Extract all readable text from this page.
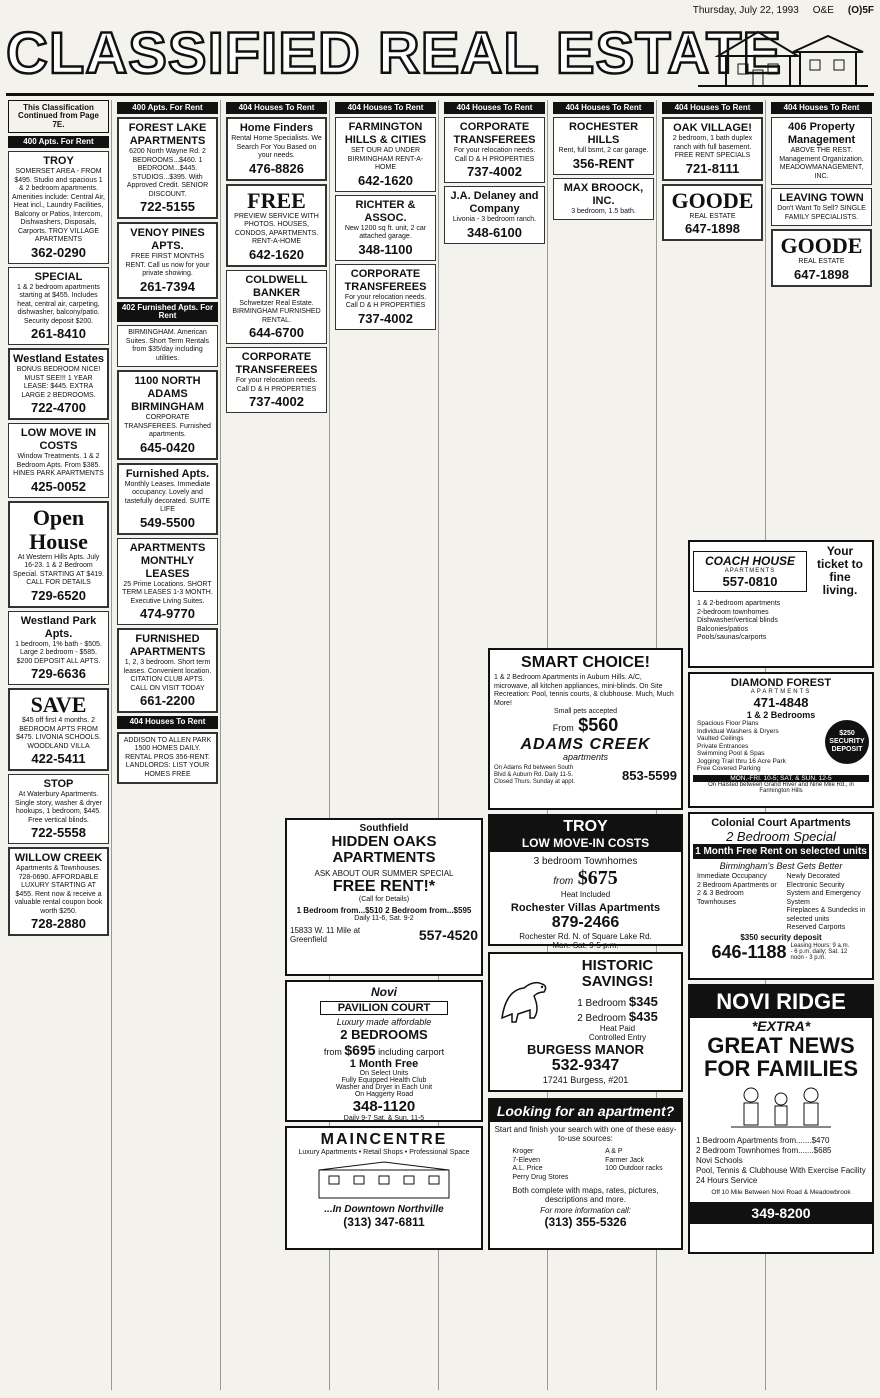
Thursday, July 22, 1993 O&E (O)5F
CLASSIFIED REAL ESTATE
This Classification Continued from Page 7E.
400 Apts. For Rent
TROY
SOMERSET AREA - FROM $495. Studio and spacious 1 & 2 bedroom apartments. Amenities include: Central Air, Heat incl., Laundry Facilities, Balcony or Patios, Intercom, Dishwashers, Disposals, Carports. TROY VILLAGE APARTMENTS
362-0290
SPECIAL
1 & 2 bedroom apartments starting at $455. Includes heat, central air, carpeting, dishwasher, balcony/patio. Security deposit $200.
261-8410
Westland Estates
BONUS BEDROOM NICE! MUST SEE!!! 1 YEAR LEASE: $445. EXTRA LARGE 2 BEDROOMS.
722-4700
LOW MOVE IN COSTS
Window Treatments. 1 & 2 Bedroom Apts. From $385. HINES PARK APARTMENTS
425-0052
Open House
At Western Hills Apts. July 16-23. 1 & 2 Bedroom Special. STARTING AT $419. CALL FOR DETAILS
729-6520
Westland Park Apts.
1 bedroom, 1% bath - $505. Large 2 bedroom - $585. $200 DEPOSIT ALL APTS.
729-6636
SAVE
$45 off first 4 months. 2 BEDROOM APTS FROM $475. LIVONIA SCHOOLS. WOODLAND VILLA
422-5411
STOP
At Waterbury Apartments. Single story, washer & dryer hookups, 1 bedroom, $445. Free vertical blinds.
722-5558
WILLOW CREEK
Apartments & Townhouses. 728-0690. AFFORDABLE LUXURY STARTING AT $455. Rent now & receive a valuable rental coupon book worth $250.
728-2880
400 Apts. For Rent
FOREST LAKE APARTMENTS
6200 North Wayne Rd. 2 BEDROOMS...$460. 1 BEDROOM...$445. STUDIOS...$395. With Approved Credit. SENIOR DISCOUNT.
722-5155
VENOY PINES APTS.
FREE FIRST MONTHS RENT. Call us now for your private showing.
261-7394
402 Furnished Apts. For Rent
BIRMINGHAM. American Suites. Short Term Rentals from $35/day including utilities.
1100 NORTH ADAMS BIRMINGHAM
CORPORATE TRANSFEREES. Furnished apartments.
645-0420
Furnished Apts.
Monthly Leases. Immediate occupancy. Lovely and tastefully decorated. SUITE LIFE
549-5500
APARTMENTS MONTHLY LEASES
25 Prime Locations. SHORT TERM LEASES 1-3 MONTH. Executive Living Suites.
474-9770
FURNISHED APARTMENTS
1, 2, 3 bedroom. Short term leases. Convenient location. CITATION CLUB APTS. CALL ON VISIT TODAY
661-2200
404 Houses To Rent
ADDISON TO ALLEN PARK 1500 HOMES DAILY. RENTAL PROS 356-RENT. LANDLORDS: LIST YOUR HOMES FREE
404 Houses To Rent
Home Finders
Rental Home Specialists. We Search For You Based on your needs.
476-8826
FREE
PREVIEW SERVICE WITH PHOTOS. HOUSES, CONDOS, APARTMENTS. RENT-A-HOME
642-1620
COLDWELL BANKER
Schweitzer Real Estate. BIRMINGHAM FURNISHED RENTAL.
644-6700
CORPORATE TRANSFEREES
For your relocation needs. Call D & H PROPERTIES
737-4002
404 Houses To Rent
FARMINGTON HILLS & CITIES
SET OUR AD UNDER BIRMINGHAM RENT-A-HOME
642-1620
RICHTER & ASSOC.
New 1200 sq ft. unit, 2 car attached garage.
348-1100
CORPORATE TRANSFEREES
For your relocation needs. Call D & H PROPERTIES
737-4002
404 Houses To Rent
CORPORATE TRANSFEREES
For your relocation needs. Call D & H PROPERTIES
737-4002
J.A. Delaney and Company
Livonia - 3 bedroom ranch.
348-6100
404 Houses To Rent
ROCHESTER HILLS
Rent, full bsmt, 2 car garage.
356-RENT
MAX BROOCK, INC.
3 bedroom, 1.5 bath.
404 Houses To Rent
OAK VILLAGE!
2 bedroom, 1 bath duplex ranch with full basement. FREE RENT SPECIALS
721-8111
GOODE
REAL ESTATE
647-1898
404 Houses To Rent
406 Property Management
ABOVE THE REST. Management Organization. MEADOWMANAGEMENT, INC.
LEAVING TOWN
Don't Want To Sell? SINGLE FAMILY SPECIALISTS.
GOODE
REAL ESTATE
647-1898
SMART CHOICE!
1 & 2 Bedroom Apartments in Auburn Hills. A/C, microwave, all kitchen appliances, mini-blinds. On Site Recreation: Pool, tennis courts, & clubhouse. Much, Much More!
Small pets accepted
From $560
ADAMS CREEK
apartments
On Adams Rd between South Blvd & Auburn Rd. Daily 11-5. Closed Thurs. Sunday at appt.	853-5599
TROY
LOW MOVE-IN COSTS
3 bedroom Townhomes
from $675
Heat Included
Rochester Villas Apartments
879-2466
Rochester Rd. N. of Square Lake Rd.
Mon.-Sat. 9-5 p.m.
HISTORIC SAVINGS!
1 Bedroom $345
2 Bedroom $435
Heat Paid
Controlled Entry
BURGESS MANOR
532-9347
17241 Burgess, #201
Looking for an apartment?
Start and finish your search with one of these easy-to-use sources:
Kroger
7-Eleven
A.L. Price
Perry Drug Stores
A & P
Farmer Jack
100 Outdoor racks
Both complete with maps, rates, pictures, descriptions and more.
For more information call:
(313) 355-5326
COACH HOUSE
APARTMENTS
557-0810
Your ticket to fine living.
1 & 2-bedroom apartments
2-bedroom townhomes
Dishwasher/vertical blinds
Balconies/patios
Pools/saunas/carports
DIAMOND FOREST
APARTMENTS
471-4848
1 & 2 Bedrooms
Spacious Floor Plans
Individual Washers & Dryers
Vaulted Ceilings
Private Entrances
Swimming Pool & Spas
Jogging Trail thru 16 Acre Park
Free Covered Parking
$250 SECURITY DEPOSIT
MON.-FRI. 10-5; SAT. & SUN. 12-5
On Halsted between Grand River and Nine Mile Rd., in Farmington Hills
Colonial Court Apartments
2 Bedroom Special
1 Month Free Rent on selected units
Birmingham's Best Gets Better
Immediate Occupancy
2 Bedroom Apartments or 2 & 3 Bedroom Townhouses
Newly Decorated
Electronic Security System and Emergency System
Fireplaces & Sundecks in selected units
Reserved Carports
$350 security deposit
646-1188 Leasing Hours: 9 a.m. - 6 p.m. daily; Sat. 12 noon - 3 p.m.
NOVI RIDGE
*EXTRA*
GREAT NEWS FOR FAMILIES
1 Bedroom Apartments from.......$470
2 Bedroom Townhomes from.......$685
Novi Schools
Pool, Tennis & Clubhouse With Exercise Facility
24 Hours Service
Off 10 Mile Between Novi Road & Meadowbrook
349-8200
Southfield
HIDDEN OAKS APARTMENTS
ASK ABOUT OUR SUMMER SPECIAL
FREE RENT!*
(Call for Details)
1 Bedroom from...$510 2 Bedroom from...$595
Daily 11-6, Sat. 9-2
15833 W. 11 Mile at Greenfield	557-4520
Novi
PAVILION COURT
Luxury made affordable
2 BEDROOMS
from $695 including carport
1 Month Free
On Select Units
Fully Equipped Health Club
Washer and Dryer in Each Unit
On Haggerty Road
348-1120
Daily 9-7 Sat. & Sun. 11-5
MAINCENTRE
Luxury Apartments • Retail Shops • Professional Space
...In Downtown Northville
(313) 347-6811
